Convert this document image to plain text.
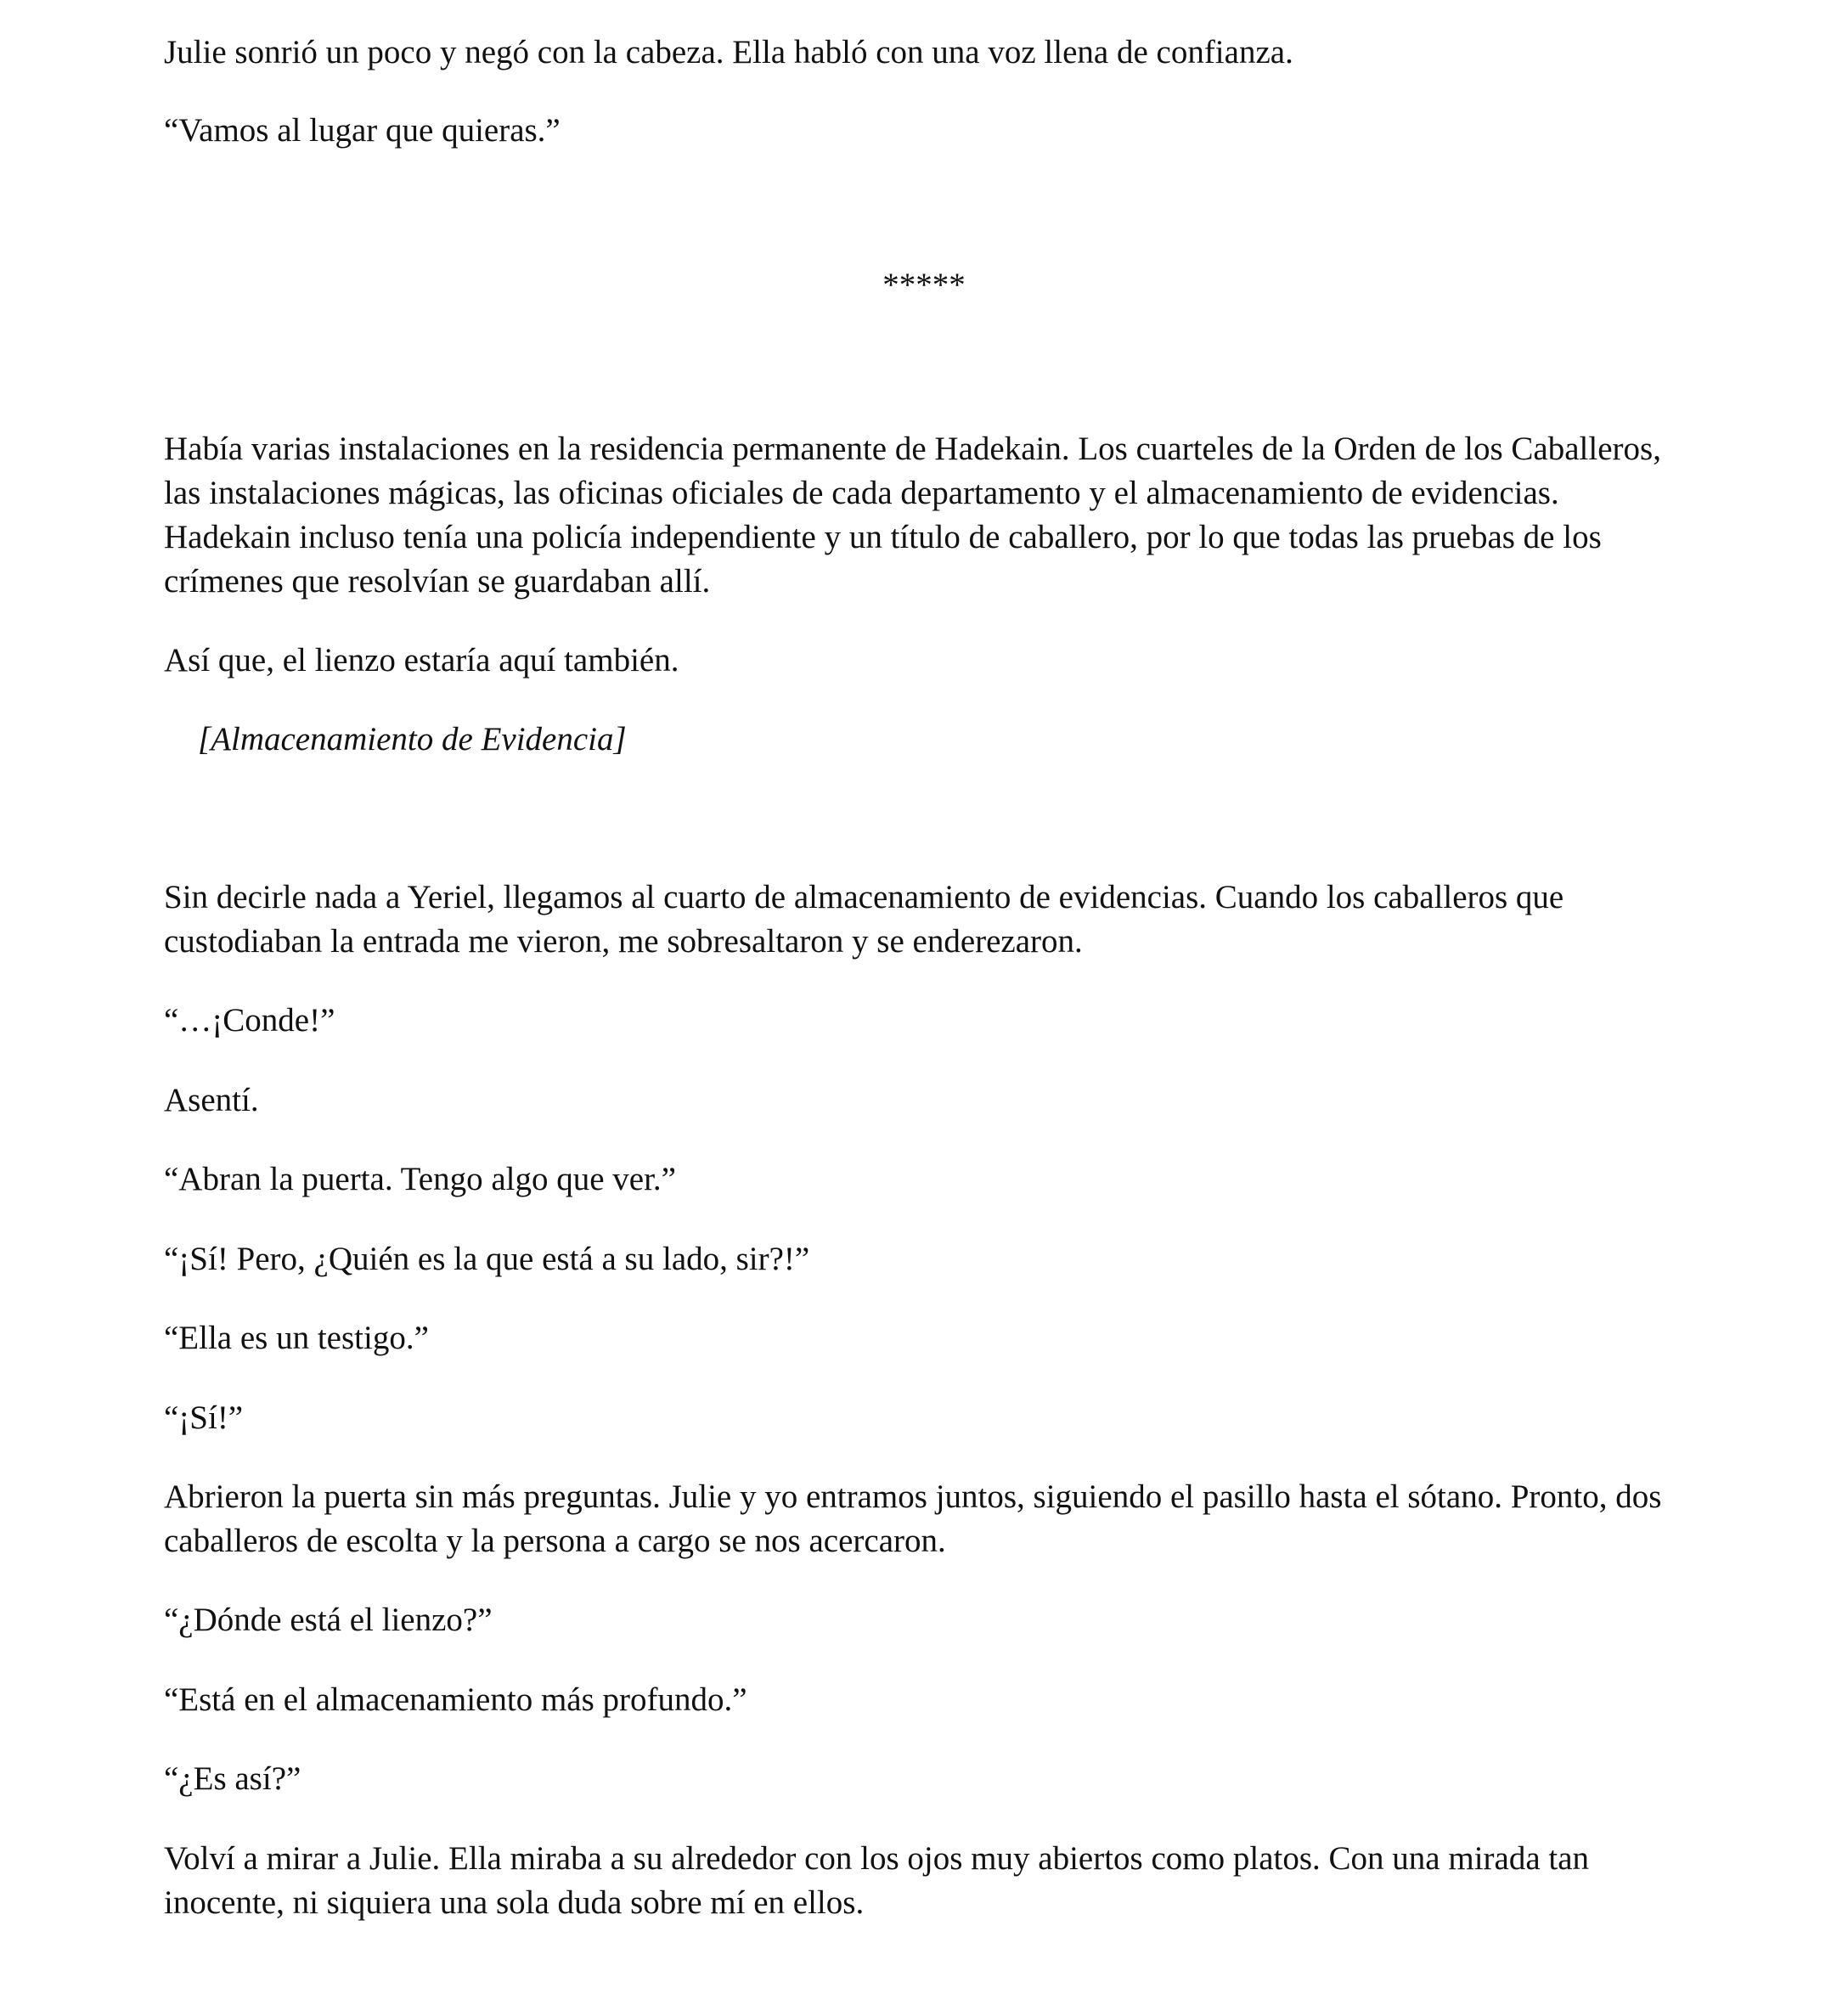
Julie sonrió un poco y negó con la cabeza. Ella habló con una voz llena de confianza.

“Vamos al lugar que quieras.”

*****

Había varias instalaciones en la residencia permanente de Hadekain. Los cuarteles de la Orden de los Caballeros, las instalaciones mágicas, las oficinas oficiales de cada departamento y el almacenamiento de evidencias. Hadekain incluso tenía una policía independiente y un título de caballero, por lo que todas las pruebas de los crímenes que resolvían se guardaban allí.

Así que, el lienzo estaría aquí también.

[Almacenamiento de Evidencia]

Sin decirle nada a Yeriel, llegamos al cuarto de almacenamiento de evidencias. Cuando los caballeros que custodiaban la entrada me vieron, me sobresaltaron y se enderezaron.

“…¡Conde!”

Asentí.

“Abran la puerta. Tengo algo que ver.”

“¡Sí! Pero, ¿Quién es la que está a su lado, sir?!”

“Ella es un testigo.”

“¡Sí!”

Abrieron la puerta sin más preguntas. Julie y yo entramos juntos, siguiendo el pasillo hasta el sótano. Pronto, dos caballeros de escolta y la persona a cargo se nos acercaron.

“¿Dónde está el lienzo?”

“Está en el almacenamiento más profundo.”

“¿Es así?”

Volví a mirar a Julie. Ella miraba a su alrededor con los ojos muy abiertos como platos. Con una mirada tan inocente, ni siquiera una sola duda sobre mí en ellos.
